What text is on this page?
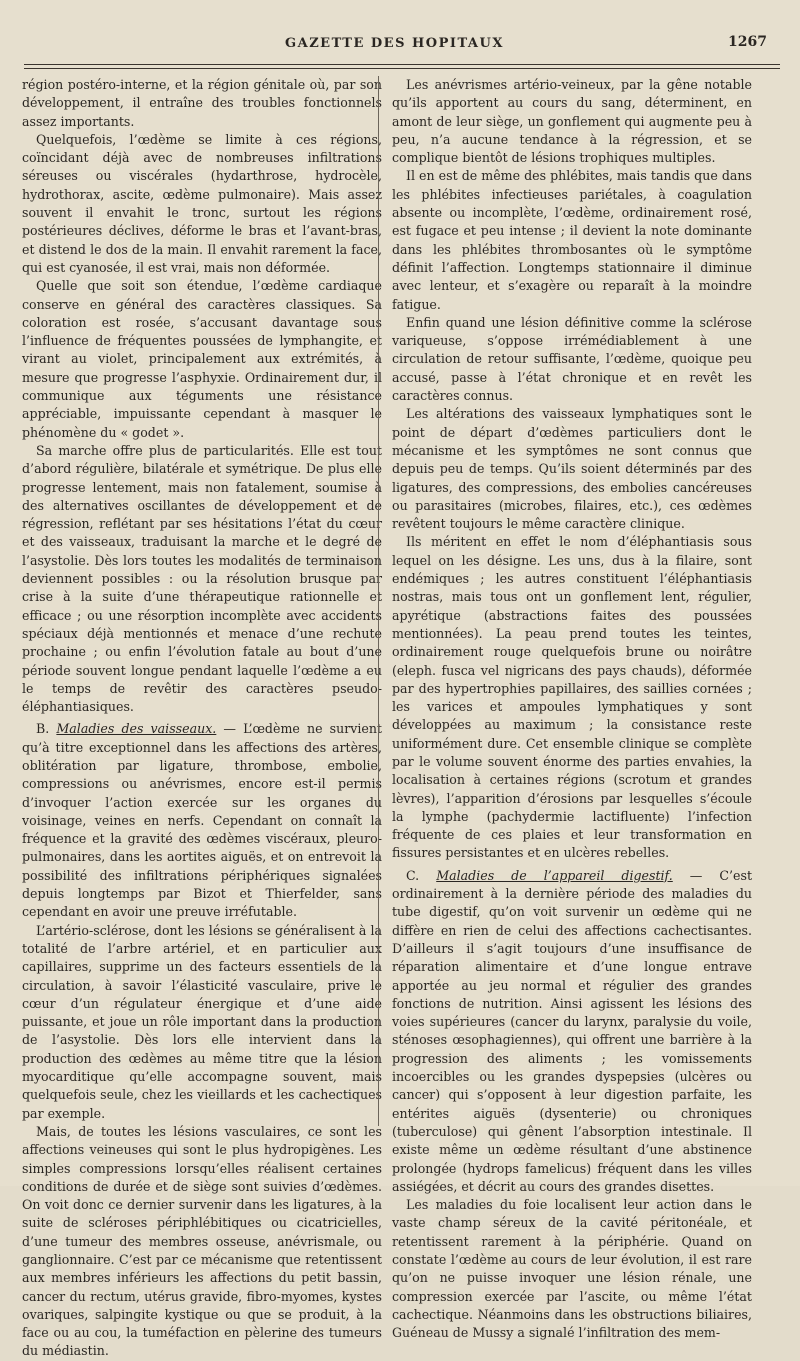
GAZETTE DES HOPITAUX	1267

région postéro-interne, et la région génitale où, par son développement, il entraîne des troubles fonctionnels assez importants.

Quelquefois, l’œdème se limite à ces régions, coïncidant déjà avec de nombreuses infiltrations séreuses ou viscérales (hydarthrose, hydrocèle, hydrothorax, ascite, œdème pulmonaire). Mais assez souvent il envahit le tronc, surtout les régions postérieures déclives, déforme le bras et l’avant-bras, et distend le dos de la main. Il envahit rarement la face, qui est cyanosée, il est vrai, mais non déformée.

Quelle que soit son étendue, l’œdème cardiaque conserve en général des caractères classiques. Sa coloration est rosée, s’accusant davantage sous l’influence de fréquentes poussées de lymphangite, et virant au violet, principalement aux extrémités, à mesure que progresse l’asphyxie. Ordinairement dur, il communique aux téguments une résistance appréciable, impuissante cependant à masquer le phénomène du « godet ».

Sa marche offre plus de particularités. Elle est tout d’abord régulière, bilatérale et symétrique. De plus elle progresse lentement, mais non fatalement, soumise à des alternatives oscillantes de développement et de régression, reflétant par ses hésitations l’état du cœur et des vaisseaux, traduisant la marche et le degré de l’asystolie. Dès lors toutes les modalités de terminaison deviennent possibles : ou la résolution brusque par crise à la suite d’une thérapeutique rationnelle et efficace ; ou une résorption incomplète avec accidents spéciaux déjà mentionnés et menace d’une rechute prochaine ; ou enfin l’évolution fatale au bout d’une période souvent longue pendant laquelle l’œdème a eu le temps de revêtir des caractères pseudo-éléphantiasiques.

B. Maladies des vaisseaux. — L’œdème ne survient qu’à titre exceptionnel dans les affections des artères, oblitération par ligature, thrombose, embolie, compressions ou anévrismes, encore est-il permis d’invoquer l’action exercée sur les organes du voisinage, veines en nerfs. Cependant on connaît la fréquence et la gravité des œdèmes viscéraux, pleuro-pulmonaires, dans les aortites aiguës, et on entrevoit la possibilité des infiltrations périphériques signalées depuis longtemps par Bizot et Thierfelder, sans cependant en avoir une preuve irréfutable.

L’artério-sclérose, dont les lésions se généralisent à la totalité de l’arbre artériel, et en particulier aux capillaires, supprime un des facteurs essentiels de la circulation, à savoir l’élasticité vasculaire, prive le cœur d’un régulateur énergique et d’une aide puissante, et joue un rôle important dans la production de l’asystolie. Dès lors elle intervient dans la production des œdèmes au même titre que la lésion myocarditique qu’elle accompagne souvent, mais quelquefois seule, chez les vieillards et les cachectiques par exemple.

Mais, de toutes les lésions vasculaires, ce sont les affections veineuses qui sont le plus hydropigènes. Les simples compressions lorsqu’elles réalisent certaines conditions de durée et de siège sont suivies d’œdèmes. On voit donc ce dernier survenir dans les ligatures, à la suite de scléroses périphlébitiques ou cicatricielles, d’une tumeur des membres osseuse, anévrismale, ou ganglionnaire. C’est par ce mécanisme que retentissent aux membres inférieurs les affections du petit bassin, cancer du rectum, utérus gravide, fibro-myomes, kystes ovariques, salpingite kystique ou que se produit, à la face ou au cou, la tuméfaction en pèlerine des tumeurs du médiastin.

Les anévrismes artério-veineux, par la gêne notable qu’ils apportent au cours du sang, déterminent, en amont de leur siège, un gonflement qui augmente peu à peu, n’a aucune tendance à la régression, et se complique bientôt de lésions trophiques multiples.

Il en est de même des phlébites, mais tandis que dans les phlébites infectieuses pariétales, à coagulation absente ou incomplète, l’œdème, ordinairement rosé, est fugace et peu intense ; il devient la note dominante dans les phlébites thrombosantes où le symptôme définit l’affection. Longtemps stationnaire il diminue avec lenteur, et s’exagère ou reparaît à la moindre fatigue.

Enfin quand une lésion définitive comme la sclérose variqueuse, s’oppose irrémédiablement à une circulation de retour suffisante, l’œdème, quoique peu accusé, passe à l’état chronique et en revêt les caractères connus.

Les altérations des vaisseaux lymphatiques sont le point de départ d’œdèmes particuliers dont le mécanisme et les symptômes ne sont connus que depuis peu de temps. Qu’ils soient déterminés par des ligatures, des compressions, des embolies cancéreuses ou parasitaires (microbes, filaires, etc.), ces œdèmes revêtent toujours le même caractère clinique.

Ils méritent en effet le nom d’éléphantiasis sous lequel on les désigne. Les uns, dus à la filaire, sont endémiques ; les autres constituent l’éléphantiasis nostras, mais tous ont un gonflement lent, régulier, apyrétique (abstractions faites des poussées mentionnées). La peau prend toutes les teintes, ordinairement rouge quelquefois brune ou noirâtre (eleph. fusca vel nigricans des pays chauds), déformée par des hypertrophies papillaires, des saillies cornées ; les varices et ampoules lymphatiques y sont développées au maximum ; la consistance reste uniformément dure. Cet ensemble clinique se complète par le volume souvent énorme des parties envahies, la localisation à certaines régions (scrotum et grandes lèvres), l’apparition d’érosions par lesquelles s’écoule la lymphe (pachydermie lactifluente) l’infection fréquente de ces plaies et leur transformation en fissures persistantes et en ulcères rebelles.

C. Maladies de l’appareil digestif. — C’est ordinairement à la dernière période des maladies du tube digestif, qu’on voit survenir un œdème qui ne diffère en rien de celui des affections cachectisantes. D’ailleurs il s’agit toujours d’une insuffisance de réparation alimentaire et d’une longue entrave apportée au jeu normal et régulier des grandes fonctions de nutrition. Ainsi agissent les lésions des voies supérieures (cancer du larynx, paralysie du voile, sténoses œsophagiennes), qui offrent une barrière à la progression des aliments ; les vomissements incoercibles ou les grandes dyspepsies (ulcères ou cancer) qui s’opposent à leur digestion parfaite, les entérites aiguës (dysenterie) ou chroniques (tuberculose) qui gênent l’absorption intestinale. Il existe même un œdème résultant d’une abstinence prolongée (hydrops famelicus) fréquent dans les villes assiégées, et décrit au cours des grandes disettes.

Les maladies du foie localisent leur action dans le vaste champ séreux de la cavité péritonéale, et retentissent rarement à la périphérie. Quand on constate l’œdème au cours de leur évolution, il est rare qu’on ne puisse invoquer une lésion rénale, une compression exercée par l’ascite, ou même l’état cachectique. Néanmoins dans les obstructions biliaires, Guéneau de Mussy a signalé l’infiltration des mem-
